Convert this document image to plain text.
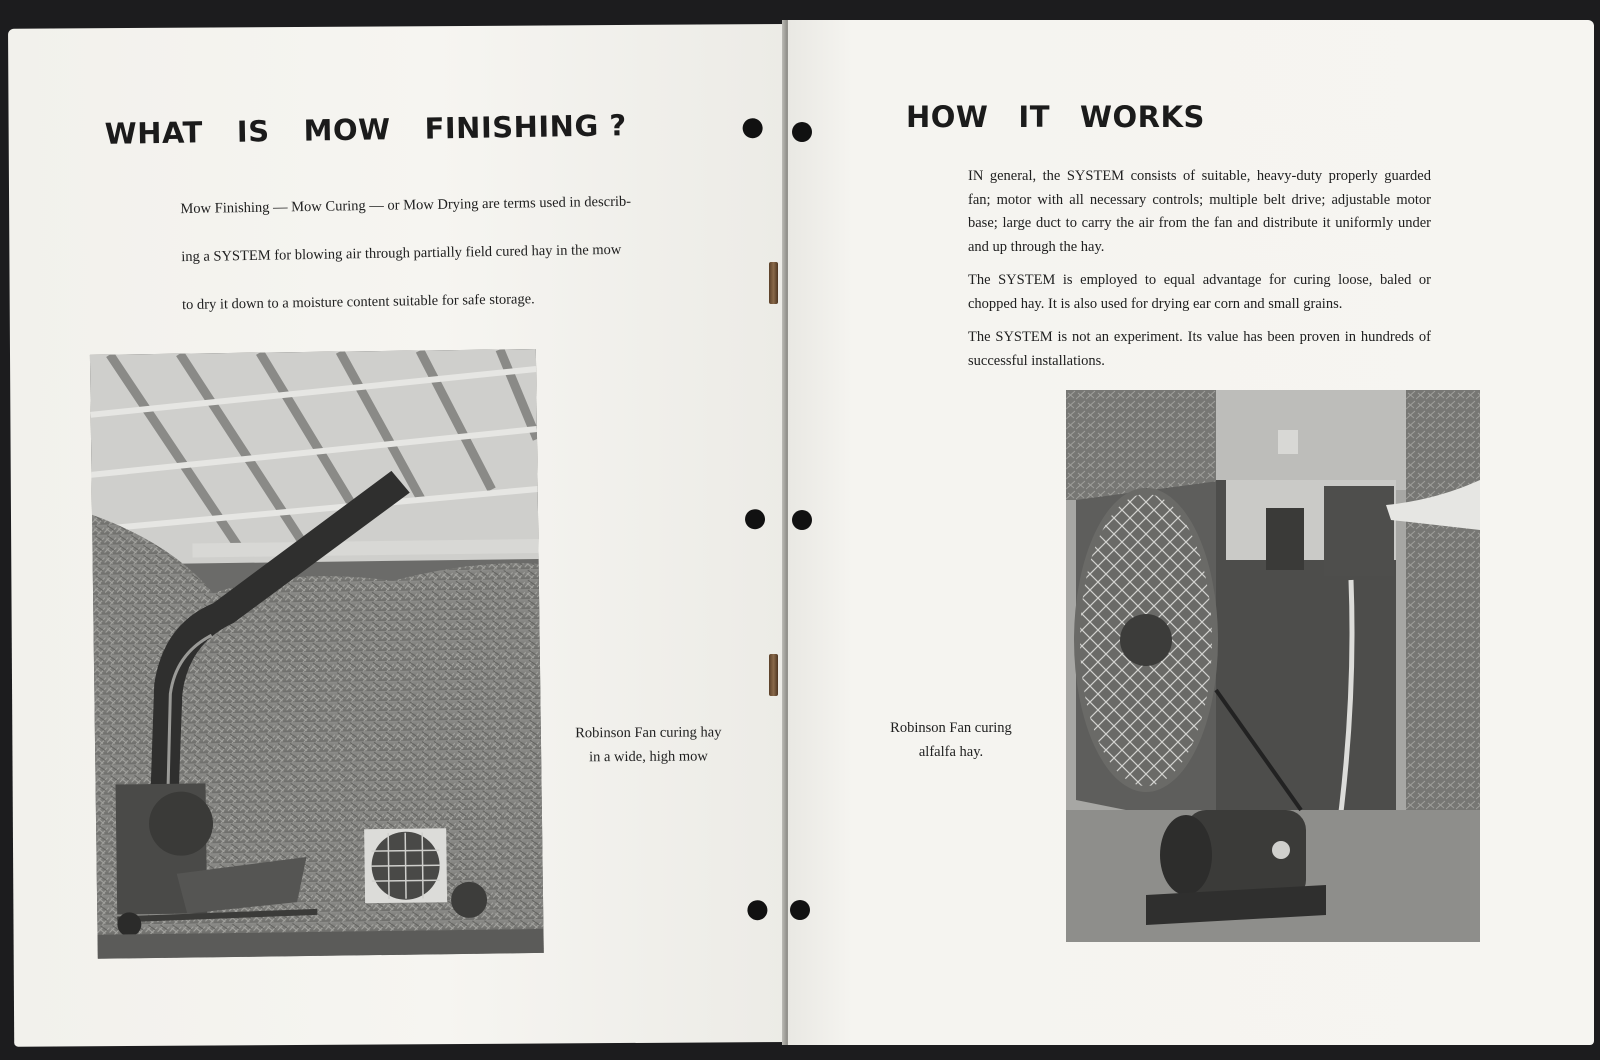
WHAT IS MOW FINISHING ?
Mow Finishing — Mow Curing — or Mow Drying are terms used in describ-
ing a SYSTEM for blowing air through partially field cured hay in the mow
to dry it down to a moisture content suitable for safe storage.
Robinson Fan curing hay
in a wide, high mow
HOW IT WORKS

IN general, the SYSTEM consists of suitable, heavy-duty properly guarded fan; motor with all necessary controls; multiple belt drive; adjustable motor base; large duct to carry the air from the fan and distribute it uniformly under and up through the hay.

The SYSTEM is employed to equal advantage for curing loose, baled or chopped hay. It is also used for drying ear corn and small grains.

The SYSTEM is not an experiment. Its value has been proven in hundreds of successful installations.

Robinson Fan curing
alfalfa hay.
